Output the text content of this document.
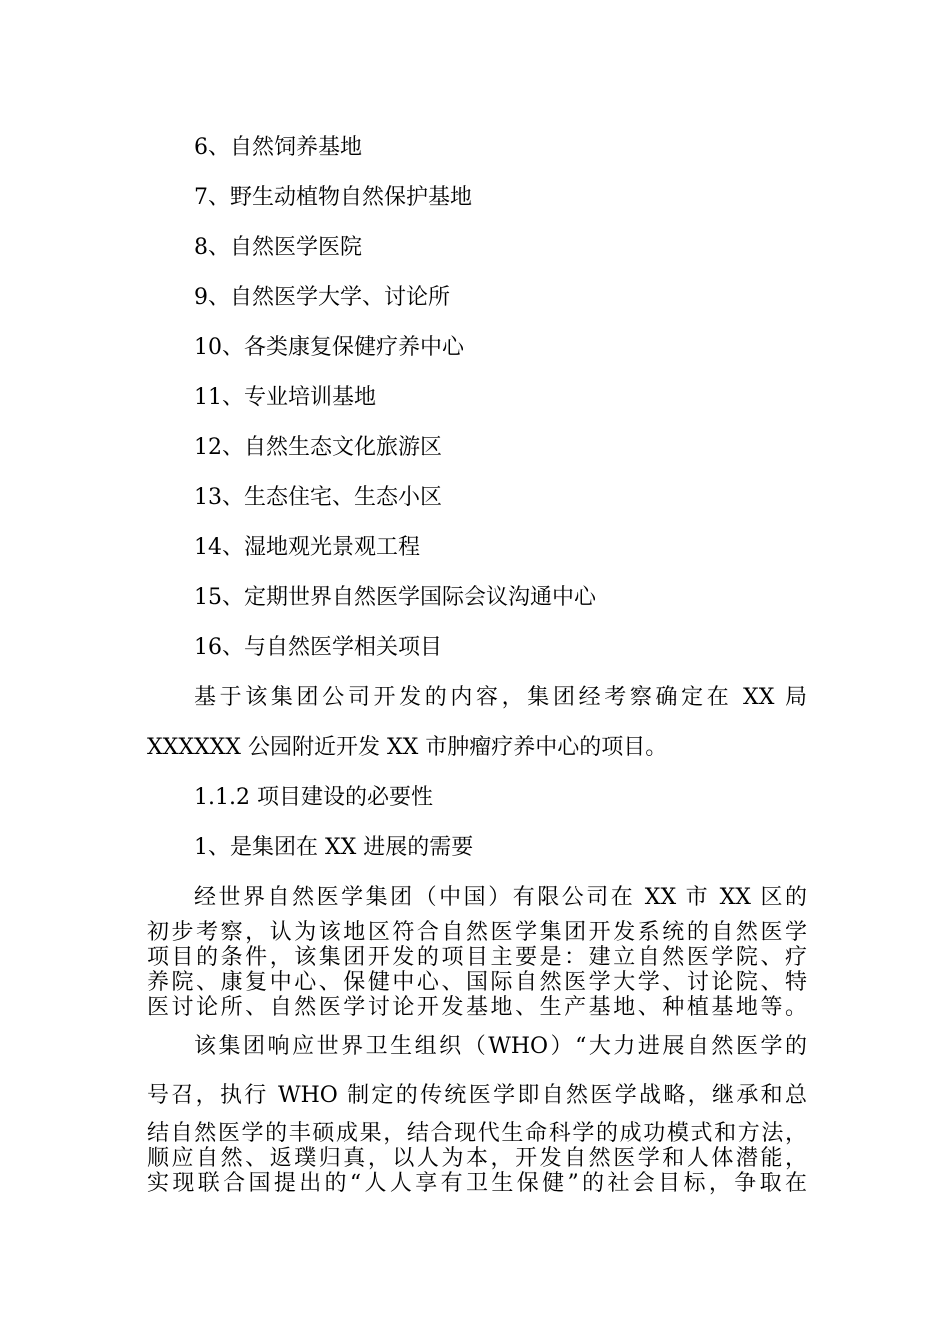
6、自然饲养基地
7、野生动植物自然保护基地
8、自然医学医院
9、自然医学大学、讨论所
10、各类康复保健疗养中心
11、专业培训基地
12、自然生态文化旅游区
13、生态住宅、生态小区
14、湿地观光景观工程
15、定期世界自然医学国际会议沟通中心
16、与自然医学相关项目
基于该集团公司开发的内容，集团经考察确定在 XX 局
XXXXXX 公园附近开发 XX 市肿瘤疗养中心的项目。
1.1.2 项目建设的必要性
1、是集团在 XX 进展的需要
经世界自然医学集团（中国）有限公司在 XX 市 XX 区的
初步考察，认为该地区符合自然医学集团开发系统的自然医学
项目的条件，该集团开发的项目主要是：建立自然医学院、疗
养院、康复中心、保健中心、国际自然医学大学、讨论院、特
医讨论所、自然医学讨论开发基地、生产基地、种植基地等。
该集团响应世界卫生组织（WHO）“大力进展自然医学的
号召，执行 WHO 制定的传统医学即自然医学战略，继承和总
结自然医学的丰硕成果，结合现代生命科学的成功模式和方法，
顺应自然、返璞归真，以人为本，开发自然医学和人体潜能，
实现联合国提出的“人人享有卫生保健”的社会目标，争取在
